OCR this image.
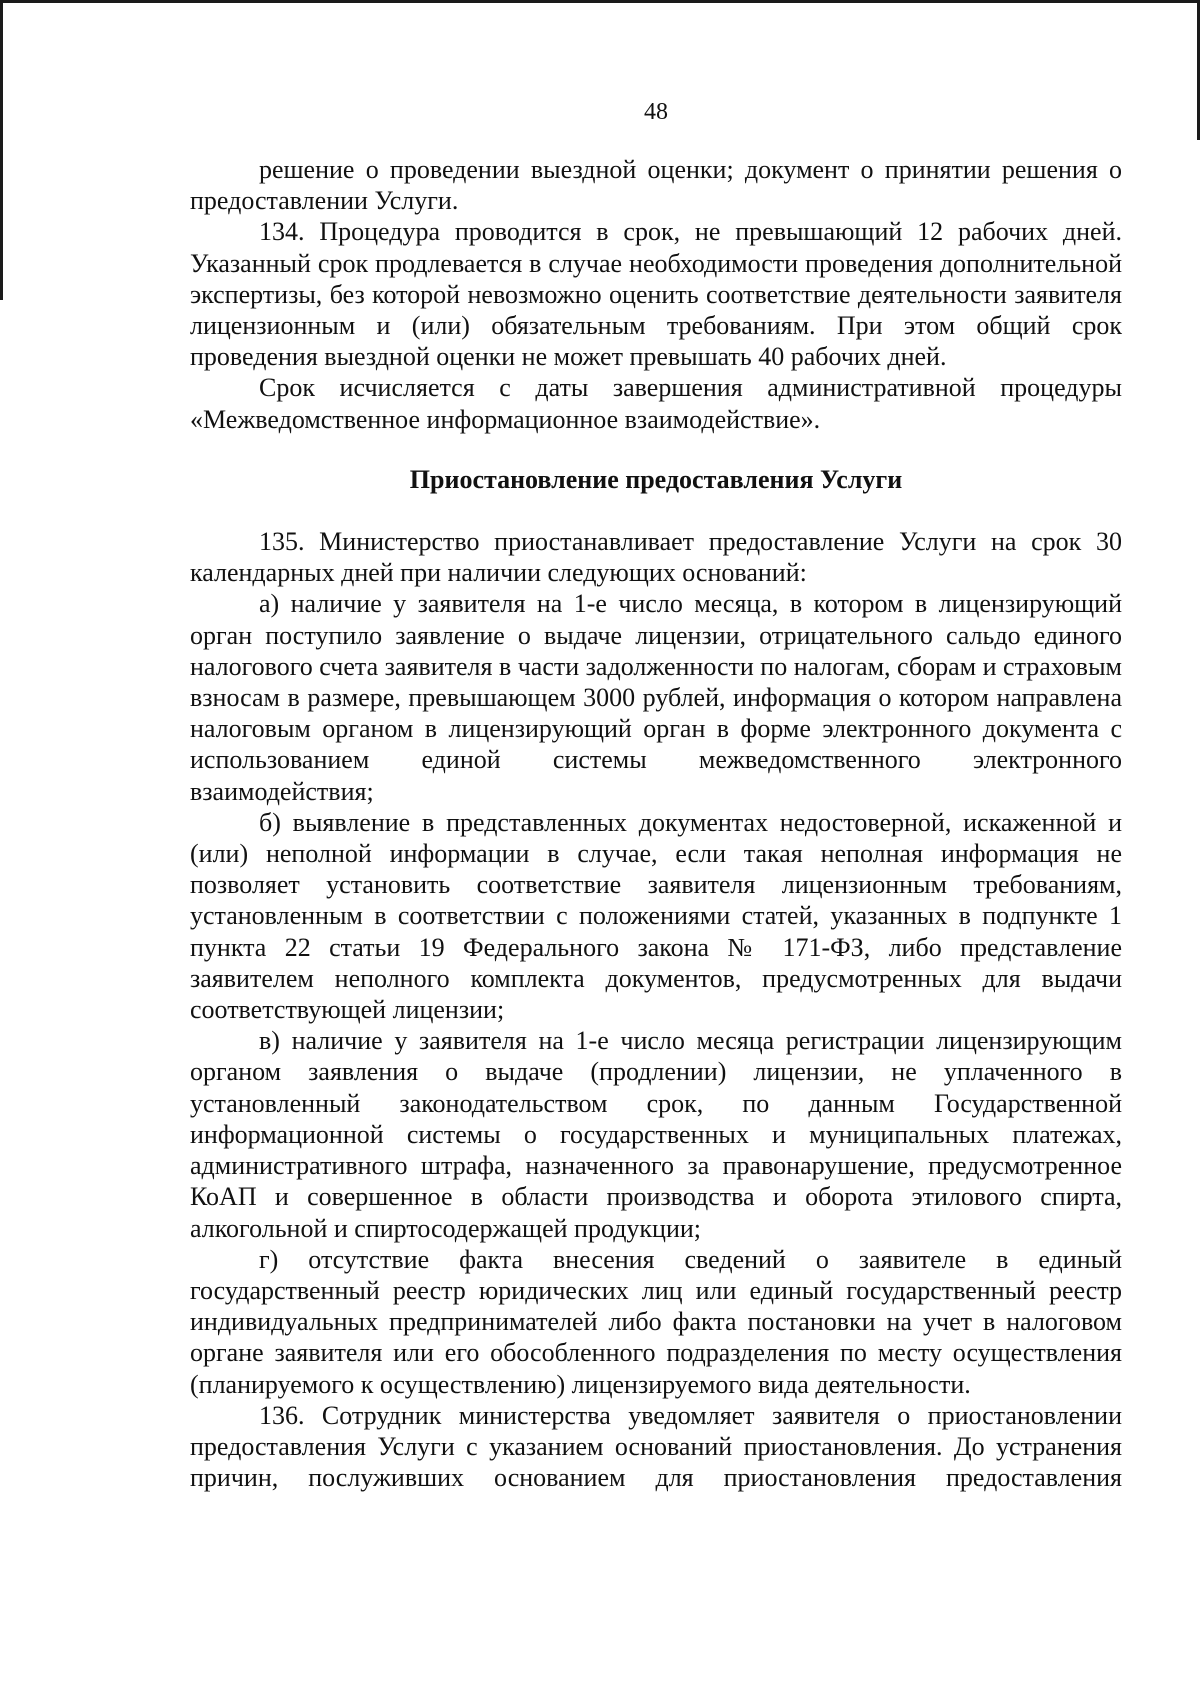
48

решение о проведении выездной оценки; документ о принятии решения о предоставлении Услуги.

134. Процедура проводится в срок, не превышающий 12 рабочих дней. Указанный срок продлевается в случае необходимости проведения дополнительной экспертизы, без которой невозможно оценить соответствие деятельности заявителя лицензионным и (или) обязательным требованиям. При этом общий срок проведения выездной оценки не может превышать 40 рабочих дней.

Срок исчисляется с даты завершения административной процедуры «Межведомственное информационное взаимодействие».

Приостановление предоставления Услуги

135. Министерство приостанавливает предоставление Услуги на срок 30 календарных дней при наличии следующих оснований:

а) наличие у заявителя на 1-е число месяца, в котором в лицензирующий орган поступило заявление о выдаче лицензии, отрицательного сальдо единого налогового счета заявителя в части задолженности по налогам, сборам и страховым взносам в размере, превышающем 3000 рублей, информация о котором направлена налоговым органом в лицензирующий орган в форме электронного документа с использованием единой системы межведомственного электронного взаимодействия;

б) выявление в представленных документах недостоверной, искаженной и (или) неполной информации в случае, если такая неполная информация не позволяет установить соответствие заявителя лицензионным требованиям, установленным в соответствии с положениями статей, указанных в подпункте 1 пункта 22 статьи 19 Федерального закона № 171-ФЗ, либо представление заявителем неполного комплекта документов, предусмотренных для выдачи соответствующей лицензии;

в) наличие у заявителя на 1-е число месяца регистрации лицензирующим органом заявления о выдаче (продлении) лицензии, не уплаченного в установленный законодательством срок, по данным Государственной информационной системы о государственных и муниципальных платежах, административного штрафа, назначенного за правонарушение, предусмотренное КоАП и совершенное в области производства и оборота этилового спирта, алкогольной и спиртосодержащей продукции;

г) отсутствие факта внесения сведений о заявителе в единый государственный реестр юридических лиц или единый государственный реестр индивидуальных предпринимателей либо факта постановки на учет в налоговом органе заявителя или его обособленного подразделения по месту осуществления (планируемого к осуществлению) лицензируемого вида деятельности.

136. Сотрудник министерства уведомляет заявителя о приостановлении предоставления Услуги с указанием оснований приостановления. До устранения причин, послуживших основанием для приостановления предоставления
